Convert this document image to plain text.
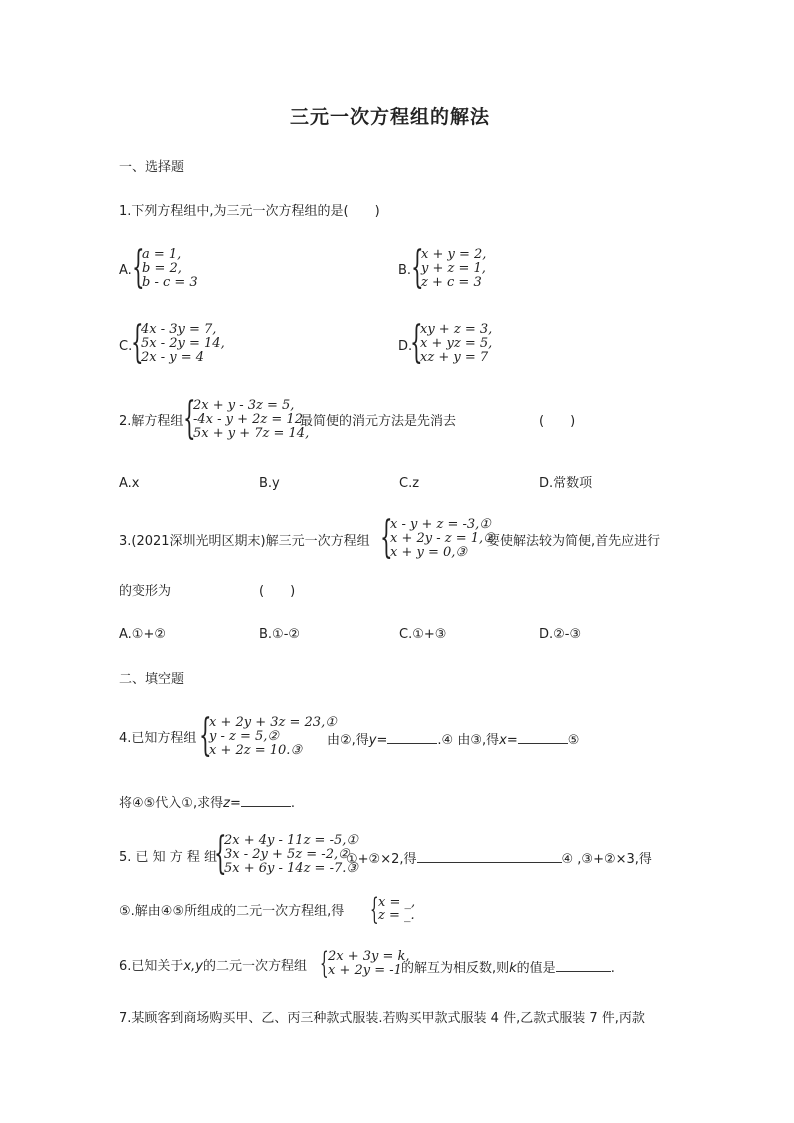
三元一次方程组的解法
一、选择题
1.下列方程组中,为三元一次方程组的是(　　)
A. {
a = 1,
b = 2,
b - c = 3
B. {
x + y = 2,
y + z = 1,
z + c = 3
C.
{
4x - 3y = 7,
5x - 2y = 14,
2x - y = 4
D.
{
xy + z = 3,
x + yz = 5,
xz + y = 7
2.解方程组 {
2x + y - 3z = 5,
-4x - y + 2z = 12
5x + y + 7z = 14,
最简便的消元方法是先消去	(　　)
A.x	B.y	C.z	D.常数项
3.(2021深圳光明区期末)解三元一次方程组 {
x - y + z = -3,①
x + 2y - z = 1,②
x + y = 0,③
要使解法较为简便,首先应进行
的变形为	(　　)
A.①+②	B.①-②	C.①+③	D.②-③
二、填空题
4.已知方程组 {
x + 2y + 3z = 23,①
y - z = 5,②
x + 2z = 10.③
由②,得y=	.④ 由③,得x=	⑤
将④⑤代入①,求得z=	.
5. 已 知 方 程 组
{
2x + 4y - 11z = -5,①
3x - 2y + 5z = -2,②
5x + 6y - 14z = -7.③
①+②×2,得	④ ,③+②×3,得
⑤.解由④⑤所组成的二元一次方程组,得 { x = _,
z = _.
6.已知关于x,y的二元一次方程组 { 2x + 3y = k,
x + 2y = -1 的解互为相反数,则k的值是	.
7.某顾客到商场购买甲、乙、丙三种款式服装.若购买甲款式服装 4 件,乙款式服装 7 件,丙款
